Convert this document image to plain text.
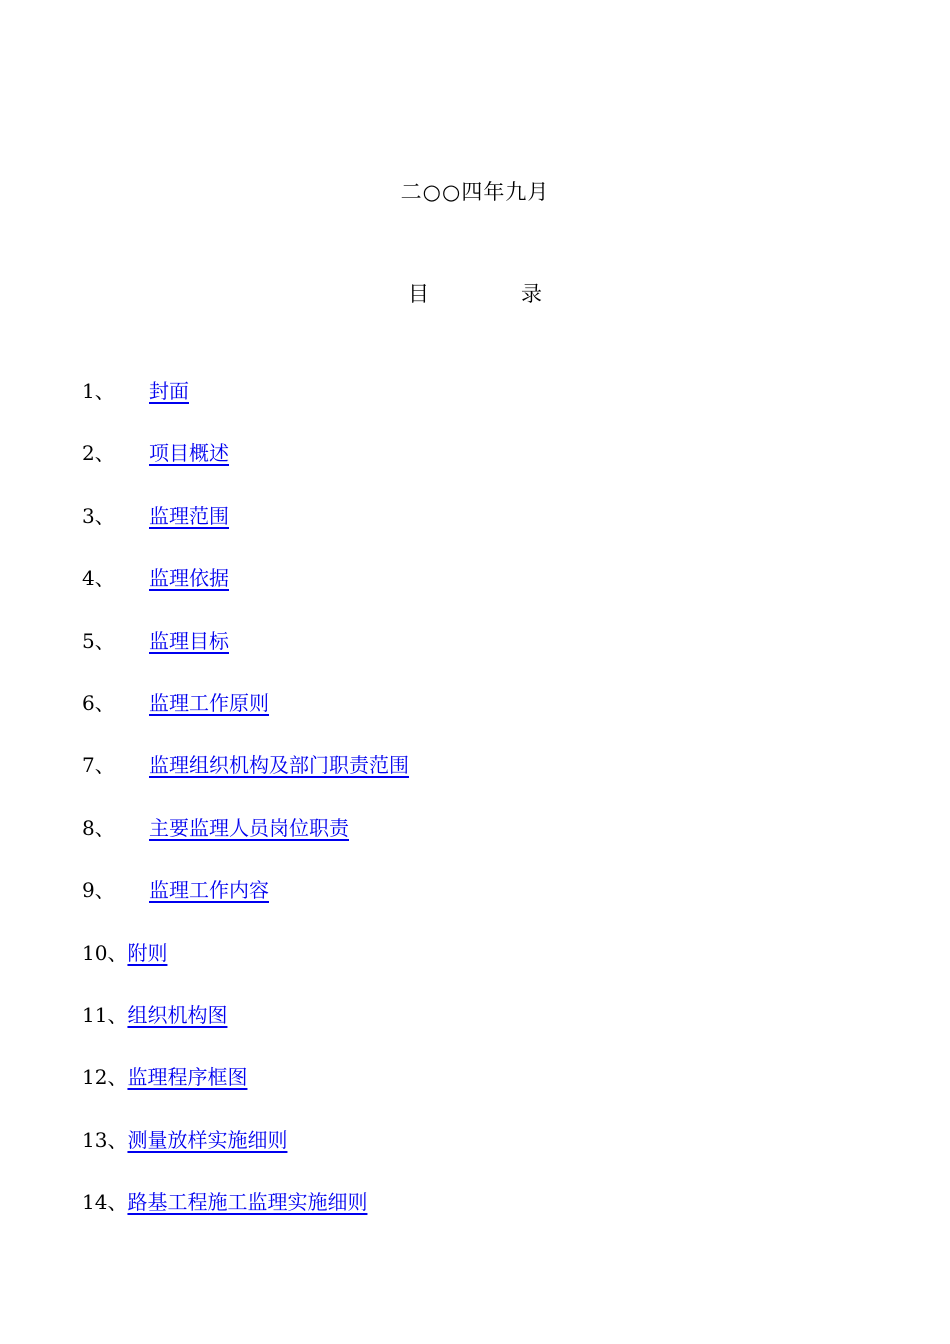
二○○四年九月
目	录
1、	封面
2、	项目概述
3、	监理范围
4、	监理依据
5、	监理目标
6、	监理工作原则
7、	监理组织机构及部门职责范围
8、	主要监理人员岗位职责
9、	监理工作内容
10、 附则
11、 组织机构图
12、 监理程序框图
13、 测量放样实施细则
14、 路基工程施工监理实施细则
